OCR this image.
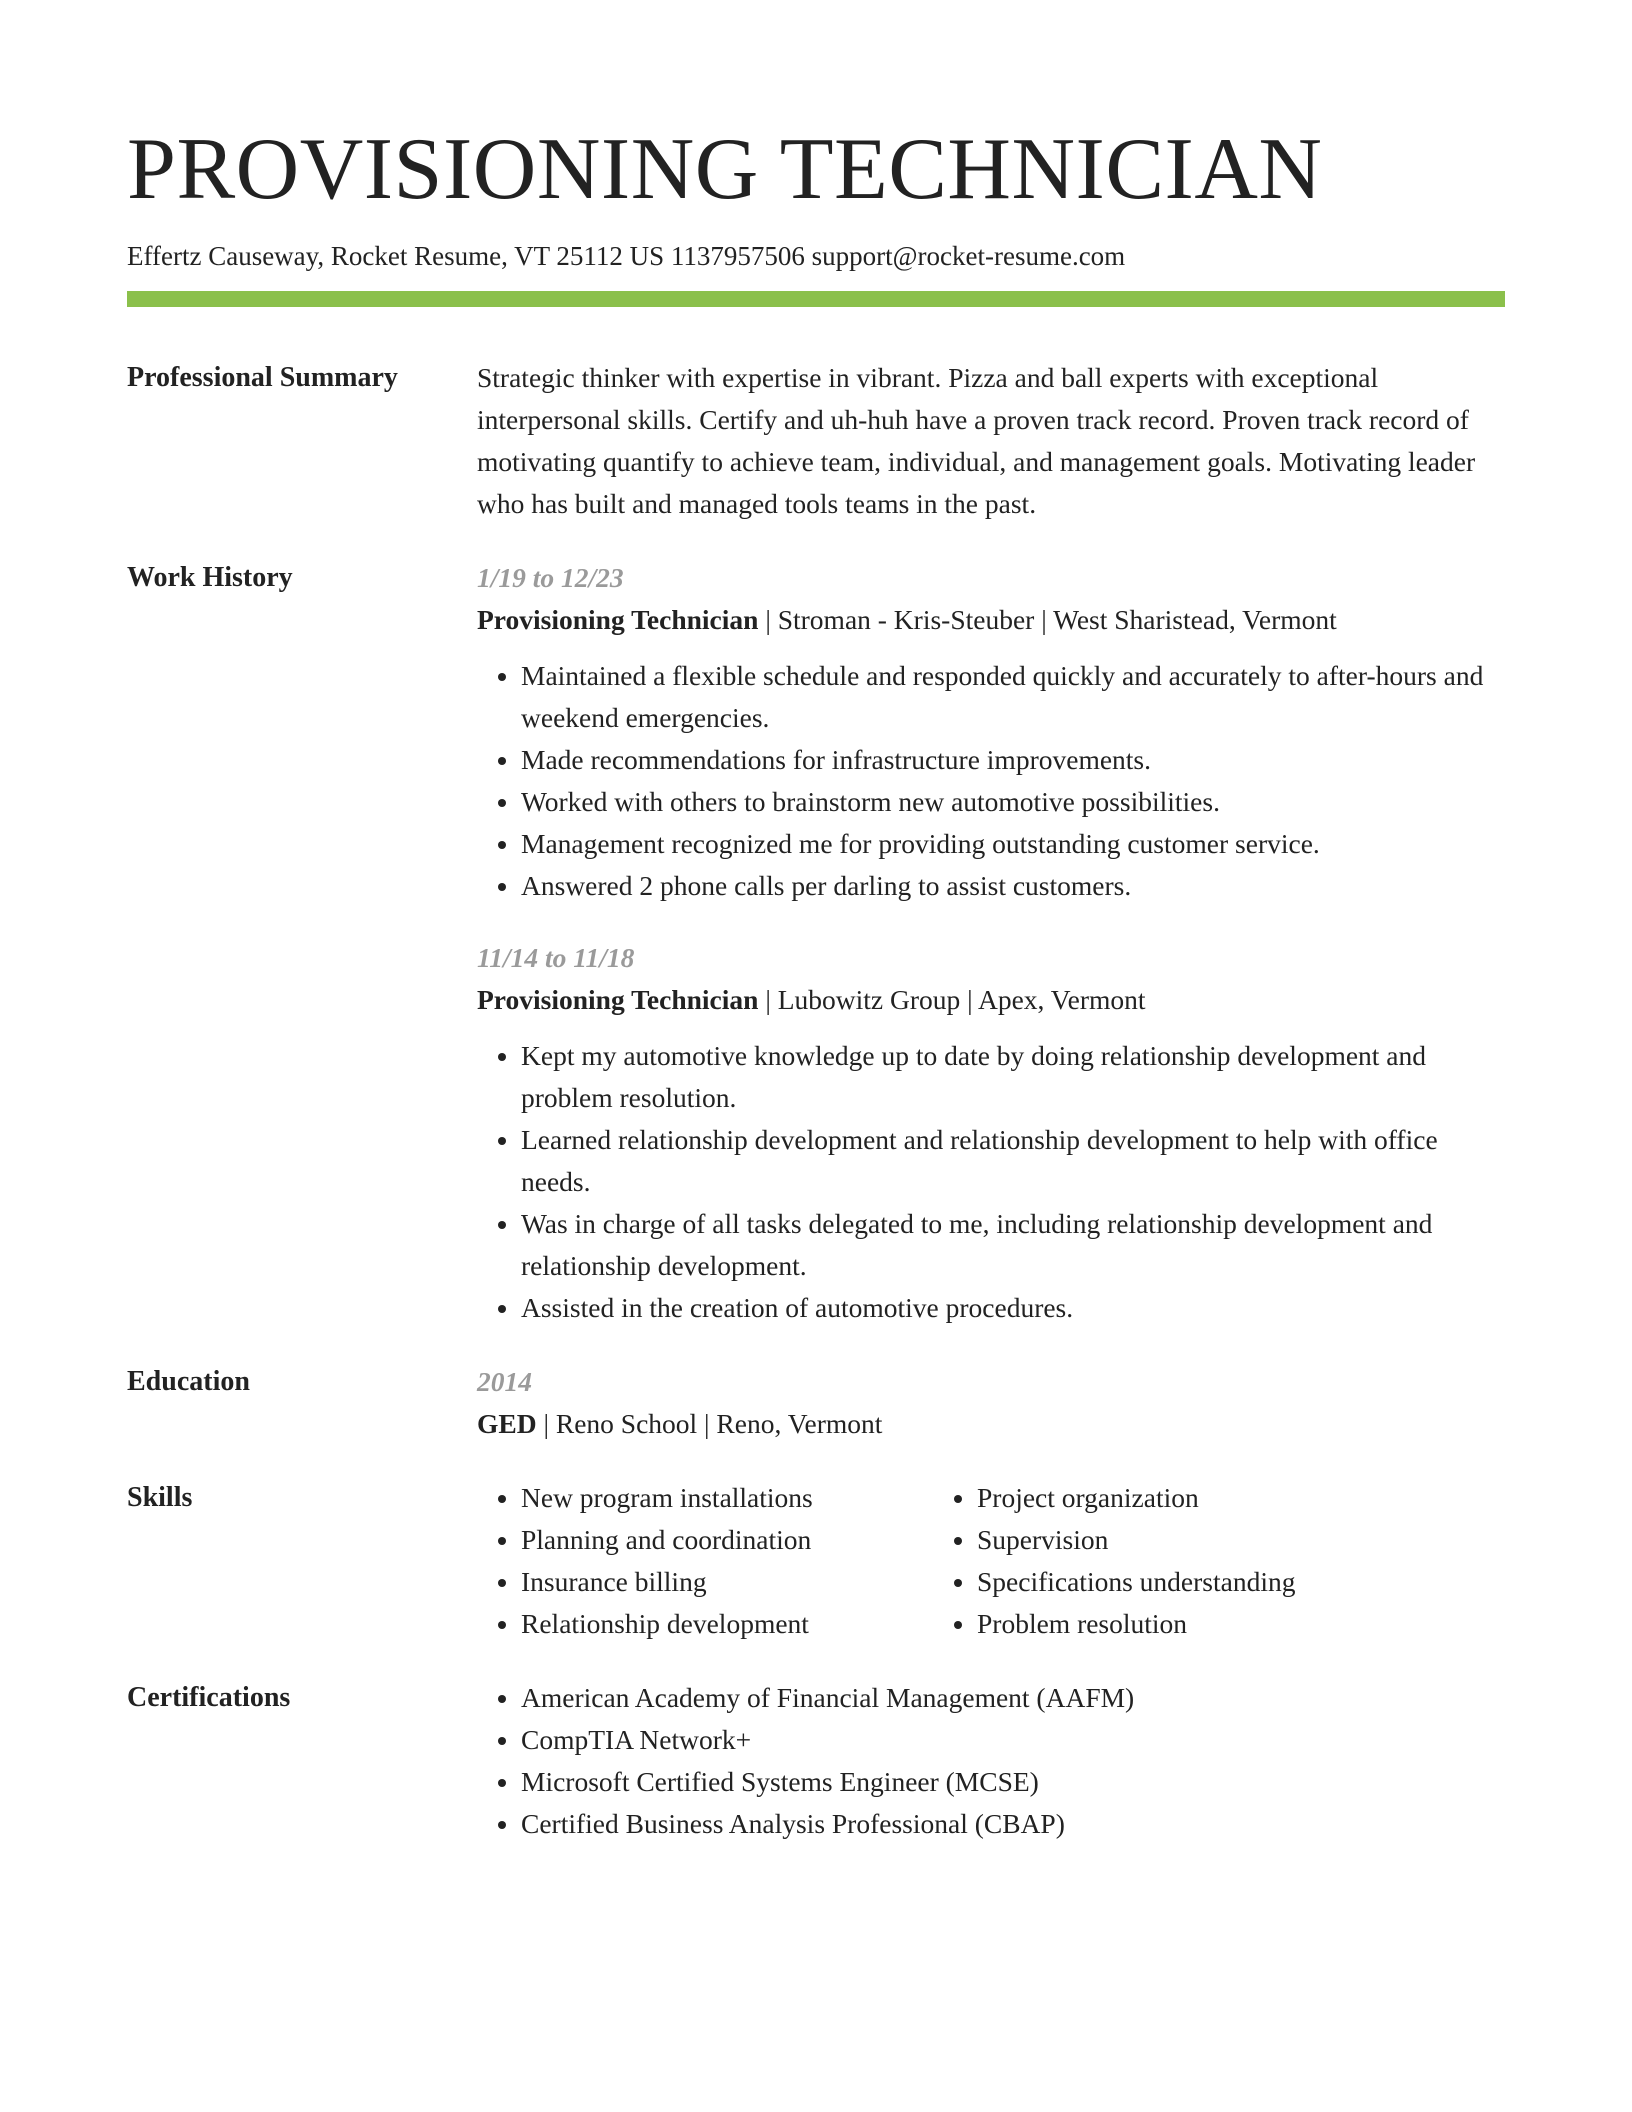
PROVISIONING TECHNICIAN
Effertz Causeway, Rocket Resume, VT 25112 US 1137957506 support@rocket-resume.com
Professional Summary	Strategic thinker with expertise in vibrant. Pizza and ball experts with exceptional interpersonal skills. Certify and uh-huh have a proven track record. Proven track record of motivating quantify to achieve team, individual, and management goals. Motivating leader who has built and managed tools teams in the past.

Work History	1/19 to 12/23
Provisioning Technician | Stroman - Kris-Steuber | West Sharistead, Vermont
• Maintained a flexible schedule and responded quickly and accurately to after-hours and weekend emergencies.
• Made recommendations for infrastructure improvements.
• Worked with others to brainstorm new automotive possibilities.
• Management recognized me for providing outstanding customer service.
• Answered 2 phone calls per darling to assist customers.
11/14 to 11/18
Provisioning Technician | Lubowitz Group | Apex, Vermont
• Kept my automotive knowledge up to date by doing relationship development and problem resolution.
• Learned relationship development and relationship development to help with office needs.
• Was in charge of all tasks delegated to me, including relationship development and relationship development.
• Assisted in the creation of automotive procedures.
Education	2014
GED | Reno School | Reno, Vermont
Skills	• New program installations
• Planning and coordination
• Insurance billing
• Relationship development
• Project organization
• Supervision
• Specifications understanding
• Problem resolution
Certifications	• American Academy of Financial Management (AAFM)
• CompTIA Network+
• Microsoft Certified Systems Engineer (MCSE)
• Certified Business Analysis Professional (CBAP)
